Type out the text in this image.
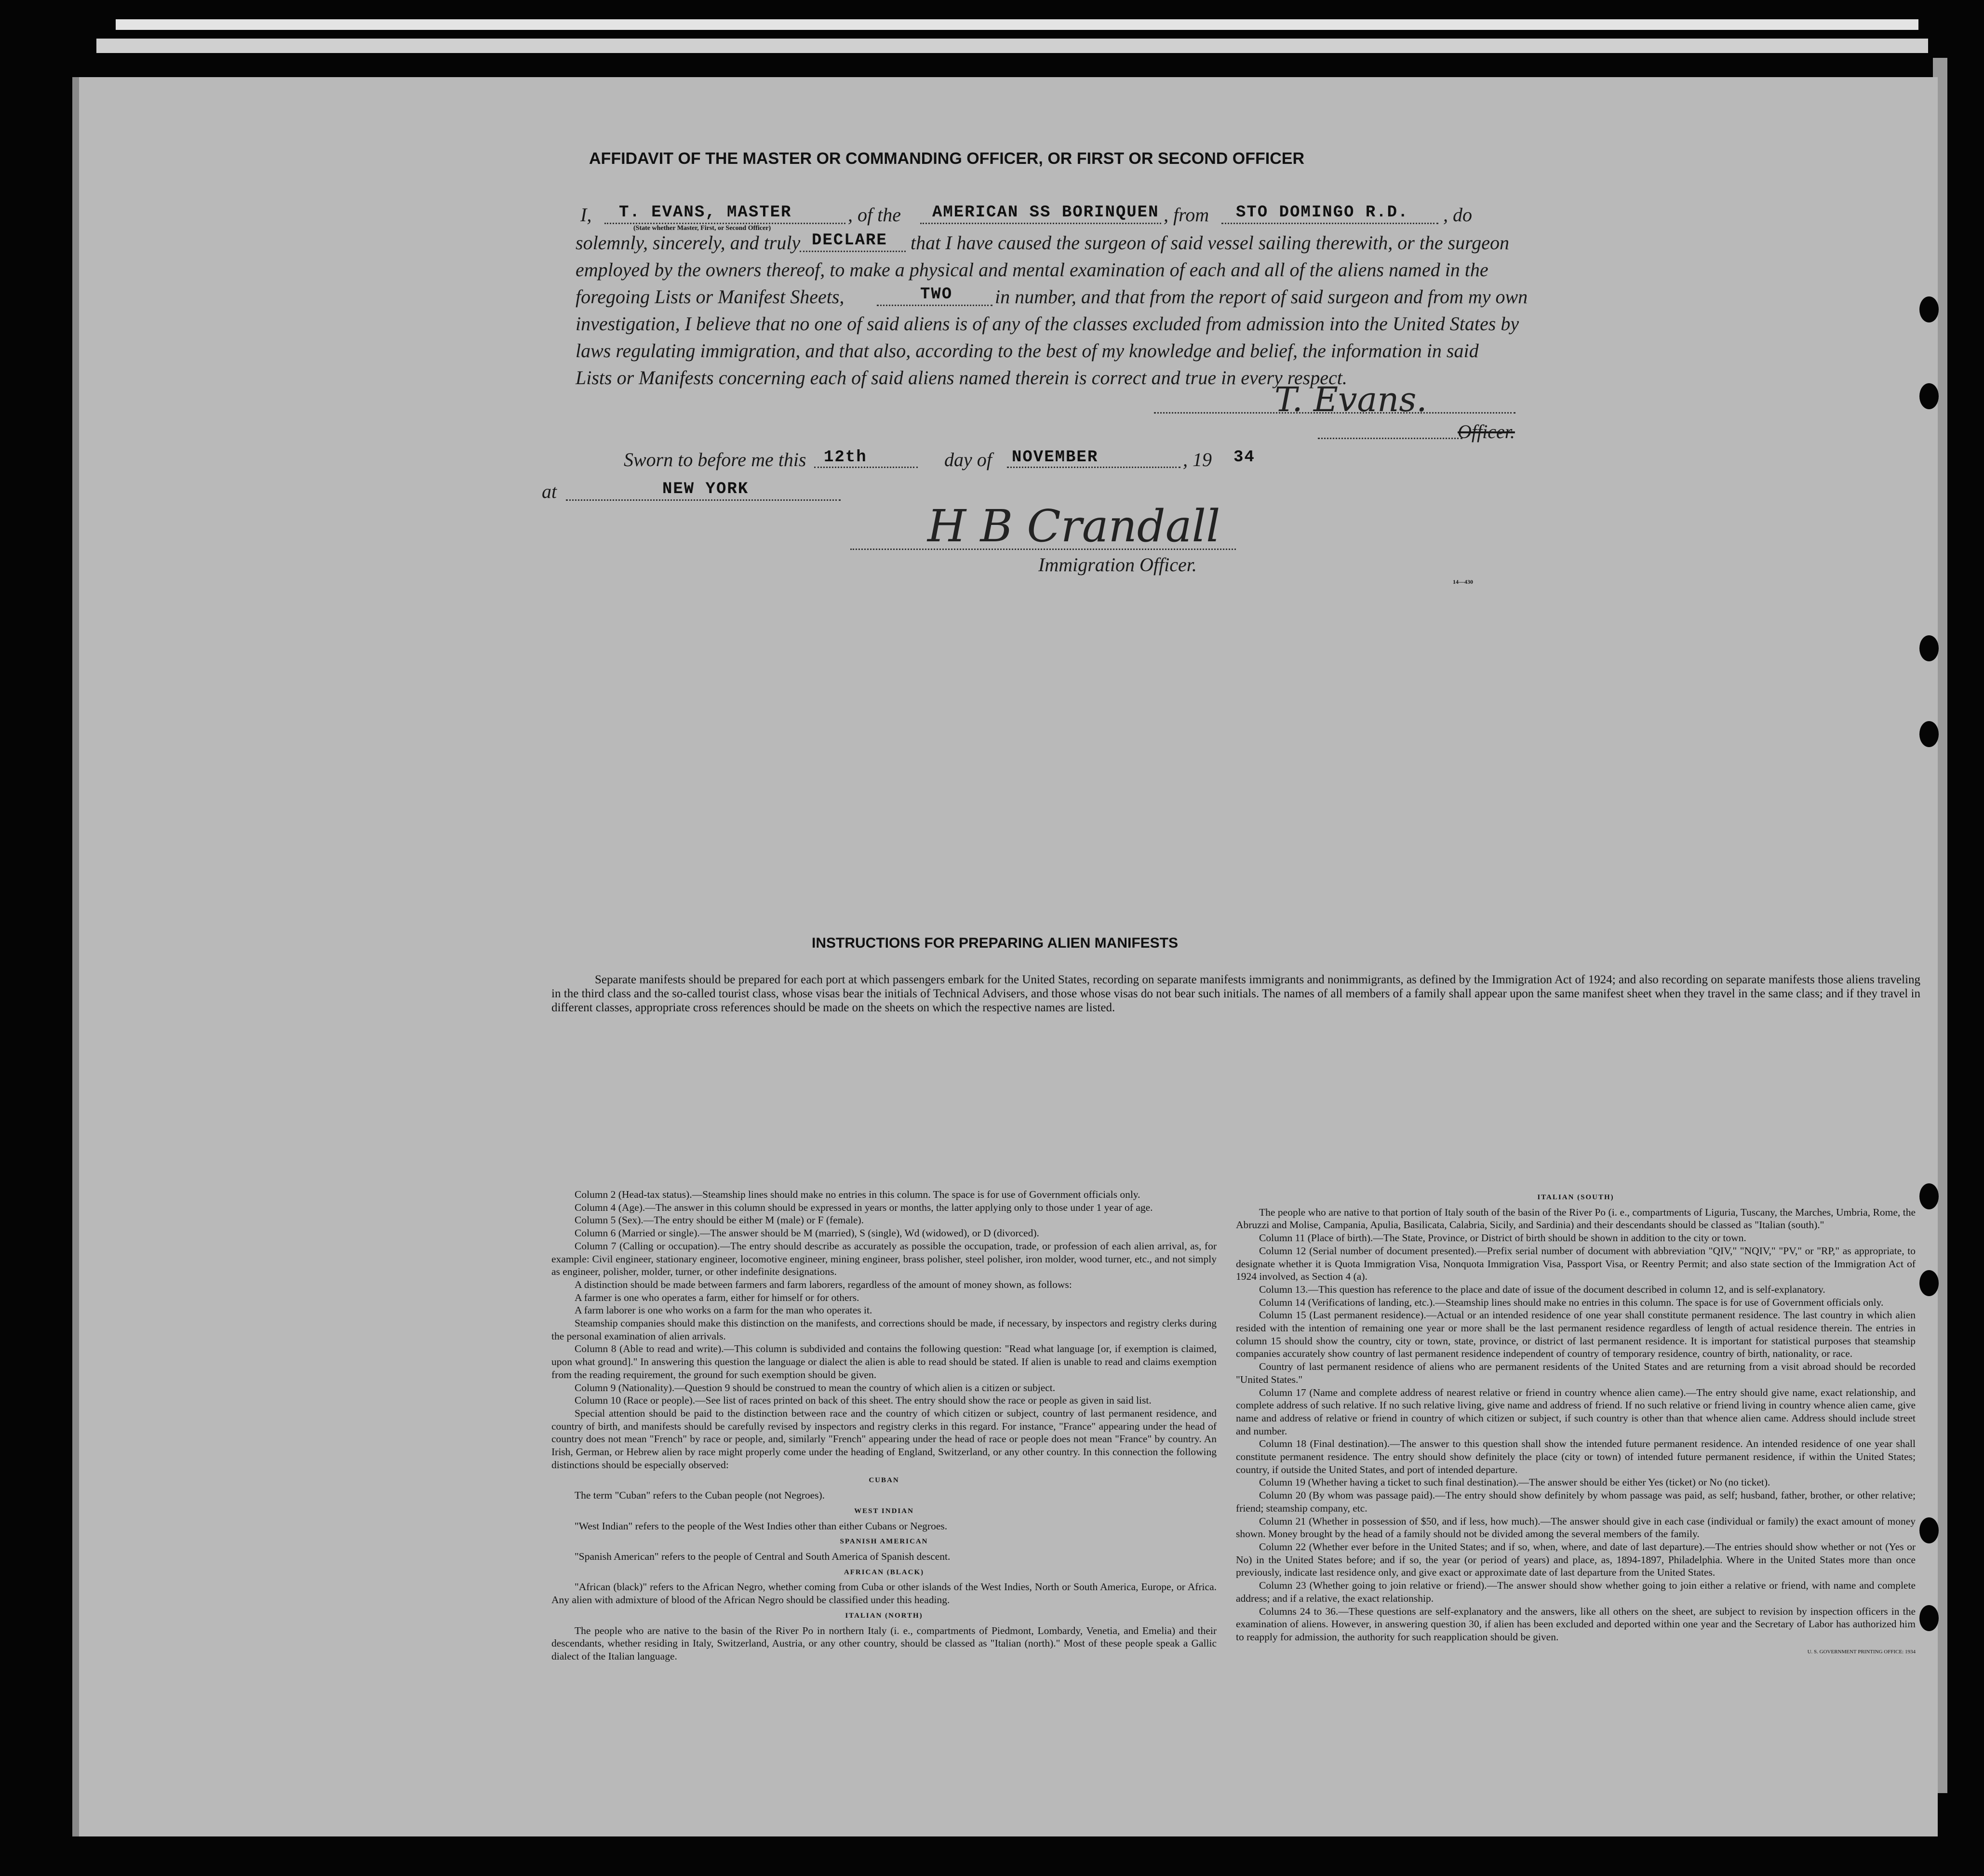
AFFIDAVIT OF THE MASTER OR COMMANDING OFFICER, OR FIRST OR SECOND OFFICER
I, T. EVANS, MASTER
(State whether Master, First, or Second Officer)
, of the AMERICAN SS BORINQUEN , from STO DOMINGO R.D. , do
solemnly, sincerely, and truly DECLARE that I have caused the surgeon of said vessel sailing therewith, or the surgeon
employed by the owners thereof, to make a physical and mental examination of each and all of the aliens named in the
foregoing Lists or Manifest Sheets,	TWO in number, and that from the report of said surgeon and from my own
investigation, I believe that no one of said aliens is of any of the classes excluded from admission into the United States by
laws regulating immigration, and that also, according to the best of my knowledge and belief, the information in said
Lists or Manifests concerning each of said aliens named therein is correct and true in every respect.
T. Evans.
Officer.
Sworn to before me this 12th	day of NOVEMBER	, 19 34
at	NEW YORK
H B Crandall
Immigration Officer.
14—430
INSTRUCTIONS FOR PREPARING ALIEN MANIFESTS
Separate manifests should be prepared for each port at which passengers embark for the United States, recording on separate manifests immigrants and nonimmigrants, as defined by the Immigration Act of 1924; and also recording on separate manifests those aliens traveling in the third class and the so-called tourist class, whose visas bear the initials of Technical Advisers, and those whose visas do not bear such initials. The names of all members of a family shall appear upon the same manifest sheet when they travel in the same class; and if they travel in different classes, appropriate cross references should be made on the sheets on which the respective names are listed.

Column 2 (Head-tax status).—Steamship lines should make no entries in this column. The space is for use of Government officials only.

Column 4 (Age).—The answer in this column should be expressed in years or months, the latter applying only to those under 1 year of age.

Column 5 (Sex).—The entry should be either M (male) or F (female).

Column 6 (Married or single).—The answer should be M (married), S (single), Wd (widowed), or D (divorced).

Column 7 (Calling or occupation).—The entry should describe as accurately as possible the occupation, trade, or profession of each alien arrival, as, for example: Civil engineer, stationary engineer, locomotive engineer, mining engineer, brass polisher, steel polisher, iron molder, wood turner, etc., and not simply as engineer, polisher, molder, turner, or other indefinite designations.

A distinction should be made between farmers and farm laborers, regardless of the amount of money shown, as follows:

A farmer is one who operates a farm, either for himself or for others.

A farm laborer is one who works on a farm for the man who operates it.

Steamship companies should make this distinction on the manifests, and corrections should be made, if necessary, by inspectors and registry clerks during the personal examination of alien arrivals.

Column 8 (Able to read and write).—This column is subdivided and contains the following question: "Read what language [or, if exemption is claimed, upon what ground]." In answering this question the language or dialect the alien is able to read should be stated. If alien is unable to read and claims exemption from the reading requirement, the ground for such exemption should be given.

Column 9 (Nationality).—Question 9 should be construed to mean the country of which alien is a citizen or subject.

Column 10 (Race or people).—See list of races printed on back of this sheet. The entry should show the race or people as given in said list.

Special attention should be paid to the distinction between race and the country of which citizen or subject, country of last permanent residence, and country of birth, and manifests should be carefully revised by inspectors and registry clerks in this regard. For instance, "France" appearing under the head of country does not mean "French" by race or people, and, similarly "French" appearing under the head of race or people does not mean "France" by country. An Irish, German, or Hebrew alien by race might properly come under the heading of England, Switzerland, or any other country. In this connection the following distinctions should be especially observed:

CUBAN

The term "Cuban" refers to the Cuban people (not Negroes).

WEST INDIAN

"West Indian" refers to the people of the West Indies other than either Cubans or Negroes.

SPANISH AMERICAN

"Spanish American" refers to the people of Central and South America of Spanish descent.

AFRICAN (BLACK)

"African (black)" refers to the African Negro, whether coming from Cuba or other islands of the West Indies, North or South America, Europe, or Africa. Any alien with admixture of blood of the African Negro should be classified under this heading.

ITALIAN (NORTH)

The people who are native to the basin of the River Po in northern Italy (i. e., compartments of Piedmont, Lombardy, Venetia, and Emelia) and their descendants, whether residing in Italy, Switzerland, Austria, or any other country, should be classed as "Italian (north)." Most of these people speak a Gallic dialect of the Italian language.

ITALIAN (SOUTH)

The people who are native to that portion of Italy south of the basin of the River Po (i. e., compartments of Liguria, Tuscany, the Marches, Umbria, Rome, the Abruzzi and Molise, Campania, Apulia, Basilicata, Calabria, Sicily, and Sardinia) and their descendants should be classed as "Italian (south)."

Column 11 (Place of birth).—The State, Province, or District of birth should be shown in addition to the city or town.

Column 12 (Serial number of document presented).—Prefix serial number of document with abbreviation "QIV," "NQIV," "PV," or "RP," as appropriate, to designate whether it is Quota Immigration Visa, Nonquota Immigration Visa, Passport Visa, or Reentry Permit; and also state section of the Immigration Act of 1924 involved, as Section 4 (a).

Column 13.—This question has reference to the place and date of issue of the document described in column 12, and is self-explanatory.

Column 14 (Verifications of landing, etc.).—Steamship lines should make no entries in this column. The space is for use of Government officials only.

Column 15 (Last permanent residence).—Actual or an intended residence of one year shall constitute permanent residence. The last country in which alien resided with the intention of remaining one year or more shall be the last permanent residence regardless of length of actual residence therein. The entries in column 15 should show the country, city or town, state, province, or district of last permanent residence. It is important for statistical purposes that steamship companies accurately show country of last permanent residence independent of country of temporary residence, country of birth, nationality, or race.

Country of last permanent residence of aliens who are permanent residents of the United States and are returning from a visit abroad should be recorded "United States."

Column 17 (Name and complete address of nearest relative or friend in country whence alien came).—The entry should give name, exact relationship, and complete address of such relative. If no such relative living, give name and address of friend. If no such relative or friend living in country whence alien came, give name and address of relative or friend in country of which citizen or subject, if such country is other than that whence alien came. Address should include street and number.

Column 18 (Final destination).—The answer to this question shall show the intended future permanent residence. An intended residence of one year shall constitute permanent residence. The entry should show definitely the place (city or town) of intended future permanent residence, if within the United States; country, if outside the United States, and port of intended departure.

Column 19 (Whether having a ticket to such final destination).—The answer should be either Yes (ticket) or No (no ticket).

Column 20 (By whom was passage paid).—The entry should show definitely by whom passage was paid, as self; husband, father, brother, or other relative; friend; steamship company, etc.

Column 21 (Whether in possession of $50, and if less, how much).—The answer should give in each case (individual or family) the exact amount of money shown. Money brought by the head of a family should not be divided among the several members of the family.

Column 22 (Whether ever before in the United States; and if so, when, where, and date of last departure).—The entries should show whether or not (Yes or No) in the United States before; and if so, the year (or period of years) and place, as, 1894-1897, Philadelphia. Where in the United States more than once previously, indicate last residence only, and give exact or approximate date of last departure from the United States.

Column 23 (Whether going to join relative or friend).—The answer should show whether going to join either a relative or friend, with name and complete address; and if a relative, the exact relationship.

Columns 24 to 36.—These questions are self-explanatory and the answers, like all others on the sheet, are subject to revision by inspection officers in the examination of aliens. However, in answering question 30, if alien has been excluded and deported within one year and the Secretary of Labor has authorized him to reapply for admission, the authority for such reapplication should be given.

U. S. GOVERNMENT PRINTING OFFICE: 1934
